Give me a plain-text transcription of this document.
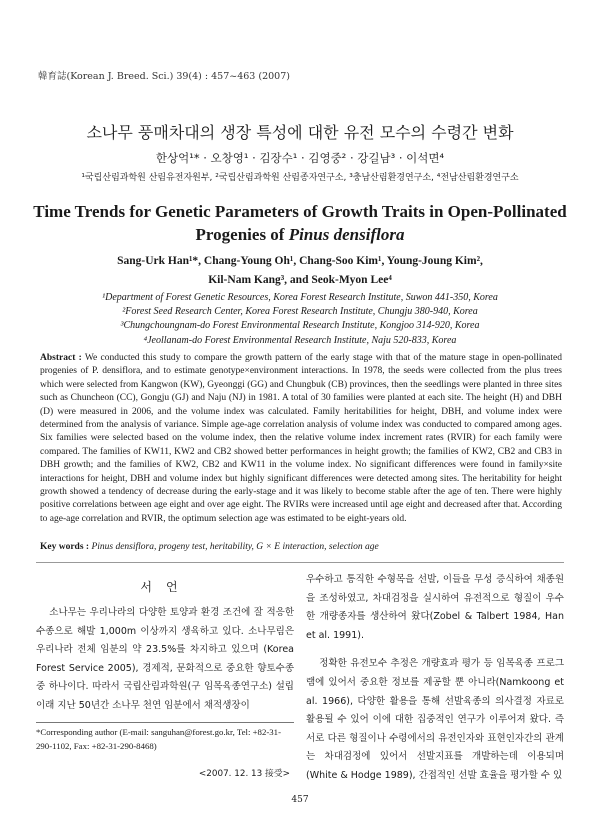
韓育誌(Korean J. Breed. Sci.) 39(4) : 457~463 (2007)
소나무 풍매차대의 생장 특성에 대한 유전 모수의 수령간 변화
한상억¹* · 오창영¹ · 김장수¹ · 김영중² · 강길남³ · 이석면⁴
¹국립산림과학원 산림유전자원부, ²국립산림과학원 산림종자연구소, ³충남산림환경연구소, ⁴전남산림환경연구소
Time Trends for Genetic Parameters of Growth Traits in Open-Pollinated
Progenies of Pinus densiflora
Sang-Urk Han¹*, Chang-Young Oh¹, Chang-Soo Kim¹, Young-Joung Kim²,
Kil-Nam Kang³, and Seok-Myon Lee⁴
¹Department of Forest Genetic Resources, Korea Forest Research Institute, Suwon 441-350, Korea
²Forest Seed Research Center, Korea Forest Research Institute, Chungju 380-940, Korea
³Chungchoungnam-do Forest Environmental Research Institute, Kongjoo 314-920, Korea
⁴Jeollanam-do Forest Environmental Research Institute, Naju 520-833, Korea
Abstract : We conducted this study to compare the growth pattern of the early stage with that of the mature stage in open-pollinated progenies of P. densiflora, and to estimate genotype×environment interactions. In 1978, the seeds were collected from the plus trees which were selected from Kangwon (KW), Gyeonggi (GG) and Chungbuk (CB) provinces, then the seedlings were planted in three sites such as Chuncheon (CC), Gongju (GJ) and Naju (NJ) in 1981. A total of 30 families were planted at each site. The height (H) and DBH (D) were measured in 2006, and the volume index was calculated. Family heritabilities for height, DBH, and volume index were determined from the analysis of variance. Simple age-age correlation analysis of volume index was conducted to compared among ages. Six families were selected based on the volume index, then the relative volume index increment rates (RVIR) for each family were compared. The families of KW11, KW2 and CB2 showed better performances in height growth; the families of KW2, CB2 and CB3 in DBH growth; and the families of KW2, CB2 and KW11 in the volume index. No significant differences were found in family×site interactions for height, DBH and volume index but highly significant differences were detected among sites. The heritability for height growth showed a tendency of decrease during the early-stage and it was likely to become stable after the age of ten. There were highly positive correlations between age eight and over age eight. The RVIRs were increased until age eight and decreased after that. According to age-age correlation and RVIR, the optimum selection age was estimated to be eight-years old.
Key words : Pinus densiflora, progeny test, heritability, G × E interaction, selection age
서언
소나무는 우리나라의 다양한 토양과 환경 조건에 잘 적응한 수종으로 해발 1,000m 이상까지 생육하고 있다. 소나무림은 우리나라 전체 임분의 약 23.5%를 차지하고 있으며 (Korea Forest Service 2005), 경제적, 문화적으로 중요한 향토수종 중 하나이다. 따라서 국립산림과학원(구 임목육종연구소) 설립 이래 지난 50년간 소나무 천연 임분에서 채적생장이

우수하고 통직한 수형목을 선발, 이들을 무성 증식하여 채종원을 조성하였고, 차대검정을 실시하여 유전적으로 형질이 우수한 개량종자를 생산하여 왔다(Zobel & Talbert 1984, Han et al. 1991).

정확한 유전모수 추정은 개량효과 평가 등 임목육종 프로그램에 있어서 중요한 정보를 제공할 뿐 아니라(Namkoong et al. 1966), 다양한 활용을 통해 선발육종의 의사결정 자료로 활용될 수 있어 이에 대한 집중적인 연구가 이루어져 왔다. 즉 서로 다른 형질이나 수령에서의 유전인자와 표현인자간의 관계는 차대검정에 있어서 선발지표를 개발하는데 이용되며 (White & Hodge 1989), 간접적인 선발 효율을 평가할 수 있

*Corresponding author (E-mail: sanguhan@forest.go.kr, Tel: +82-31-290-1102, Fax: +82-31-290-8468)
<2007. 12. 13 接受>
457
